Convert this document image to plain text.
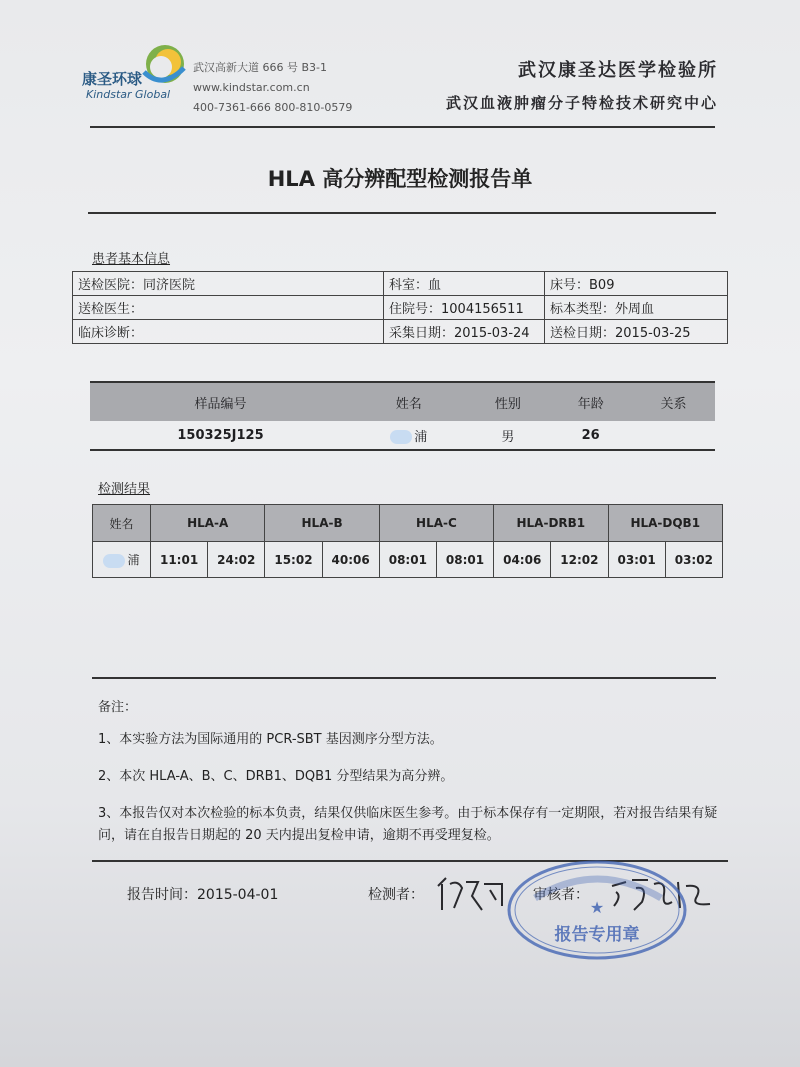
康圣环球
Kindstar Global
武汉高新大道 666 号 B3-1
www.kindstar.com.cn
400-7361-666 800-810-0579
武汉康圣达医学检验所
武汉血液肿瘤分子特检技术研究中心
HLA 高分辨配型检测报告单
患者基本信息
送检医院：同济医院	科室：血	床号：B09
送检医生：	住院号：1004156511	标本类型：外周血
临床诊断：	采集日期：2015-03-24	送检日期：2015-03-25
样品编号	姓名	性别	年龄	关系
150325J125	浦	男	26	
检测结果
姓名	HLA-A		HLA-B		HLA-C		HLA-DRB1		HLA-DQB1	
浦	11:01	24:02	15:02	40:06	08:01	08:01	04:06	12:02	03:01	03:02
备注：

1、本实验方法为国际通用的 PCR-SBT 基因测序分型方法。

2、本次 HLA-A、B、C、DRB1、DQB1 分型结果为高分辨。

3、本报告仅对本次检验的标本负责，结果仅供临床医生参考。由于标本保存有一定期限，若对报告结果有疑问，请在自报告日期起的 20 天内提出复检申请，逾期不再受理复检。

报告时间：2015-04-01	检测者：	审核者：
★
报告专用章
